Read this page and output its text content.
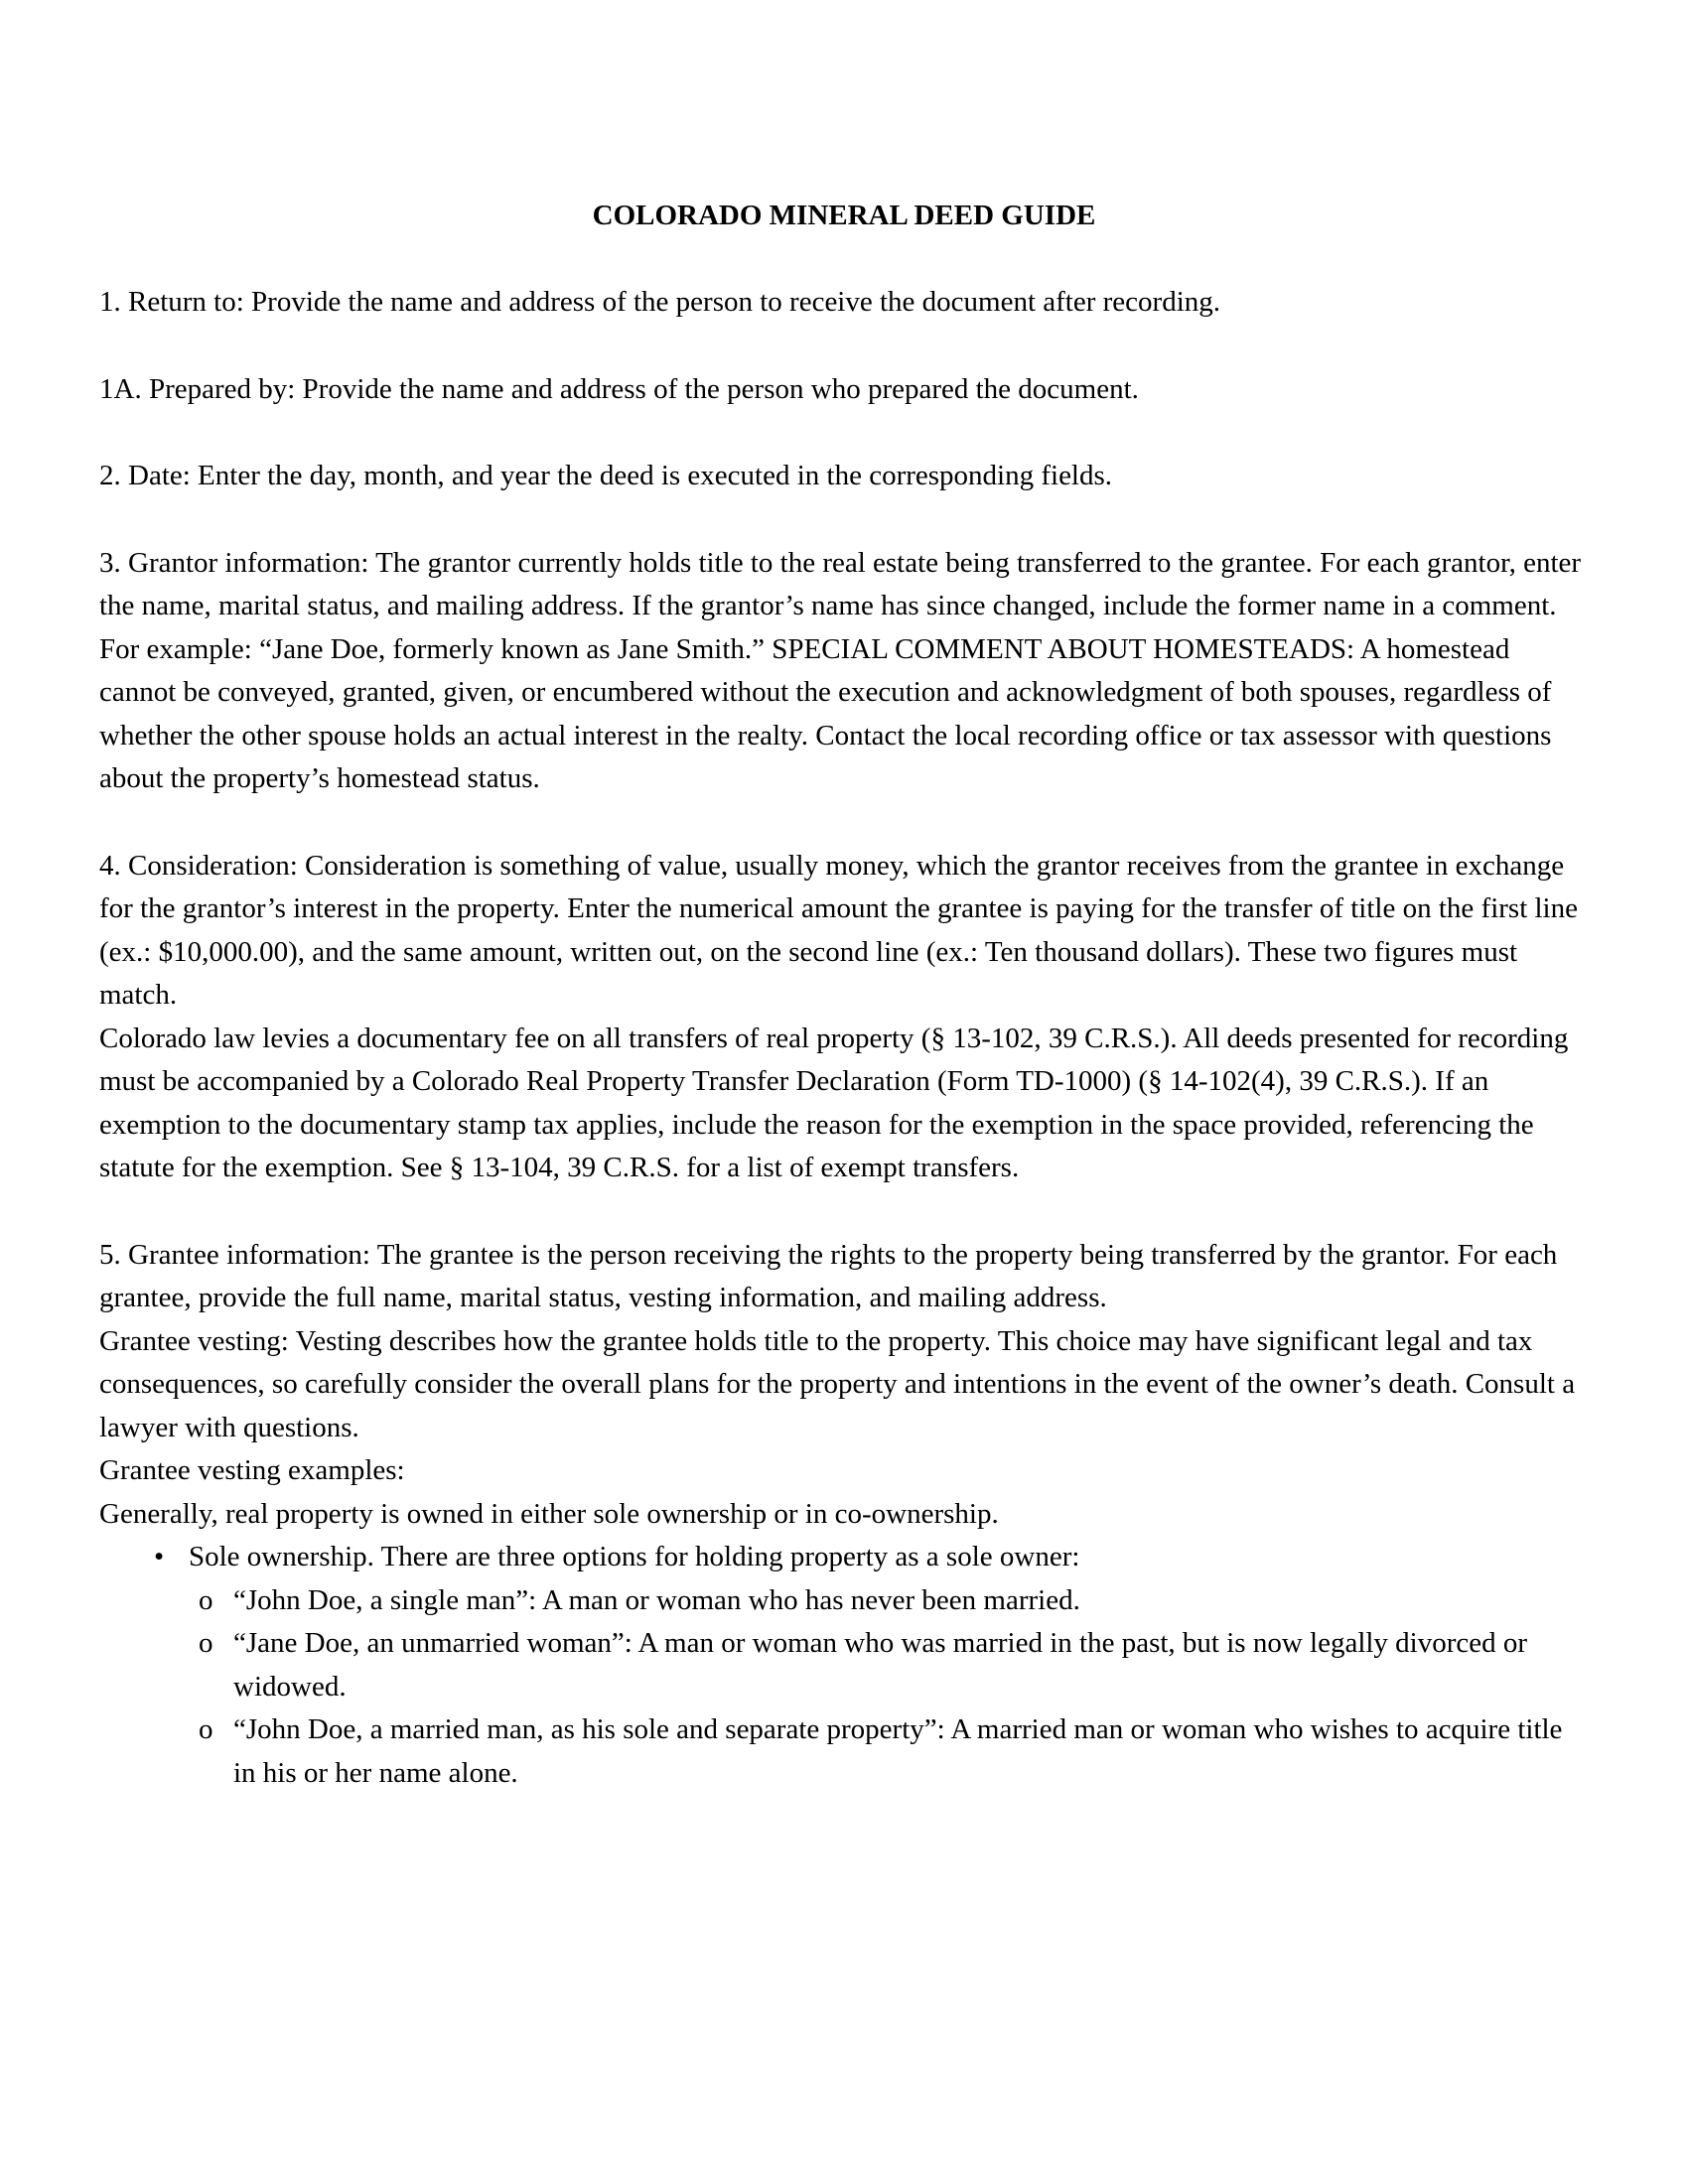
COLORADO MINERAL DEED GUIDE

1. Return to: Provide the name and address of the person to receive the document after recording.

1A. Prepared by: Provide the name and address of the person who prepared the document.

2. Date: Enter the day, month, and year the deed is executed in the corresponding fields.

3. Grantor information: The grantor currently holds title to the real estate being transferred to the grantee. For each grantor, enter the name, marital status, and mailing address. If the grantor’s name has since changed, include the former name in a comment. For example: “Jane Doe, formerly known as Jane Smith.” SPECIAL COMMENT ABOUT HOMESTEADS: A homestead cannot be conveyed, granted, given, or encumbered without the execution and acknowledgment of both spouses, regardless of whether the other spouse holds an actual interest in the realty. Contact the local recording office or tax assessor with questions about the property’s homestead status.

4. Consideration: Consideration is something of value, usually money, which the grantor receives from the grantee in exchange for the grantor’s interest in the property. Enter the numerical amount the grantee is paying for the transfer of title on the first line (ex.: $10,000.00), and the same amount, written out, on the second line (ex.: Ten thousand dollars). These two figures must match.

Colorado law levies a documentary fee on all transfers of real property (§ 13-102, 39 C.R.S.). All deeds presented for recording must be accompanied by a Colorado Real Property Transfer Declaration (Form TD-1000) (§ 14-102(4), 39 C.R.S.). If an exemption to the documentary stamp tax applies, include the reason for the exemption in the space provided, referencing the statute for the exemption. See § 13-104, 39 C.R.S. for a list of exempt transfers.

5. Grantee information: The grantee is the person receiving the rights to the property being transferred by the grantor. For each grantee, provide the full name, marital status, vesting information, and mailing address.

Grantee vesting: Vesting describes how the grantee holds title to the property. This choice may have significant legal and tax consequences, so carefully consider the overall plans for the property and intentions in the event of the owner’s death. Consult a lawyer with questions.

Grantee vesting examples:

Generally, real property is owned in either sole ownership or in co-ownership.

• Sole ownership. There are three options for holding property as a sole owner:
o “John Doe, a single man”: A man or woman who has never been married.
o “Jane Doe, an unmarried woman”: A man or woman who was married in the past, but is now legally divorced or widowed.
o “John Doe, a married man, as his sole and separate property”: A married man or woman who wishes to acquire title in his or her name alone.
